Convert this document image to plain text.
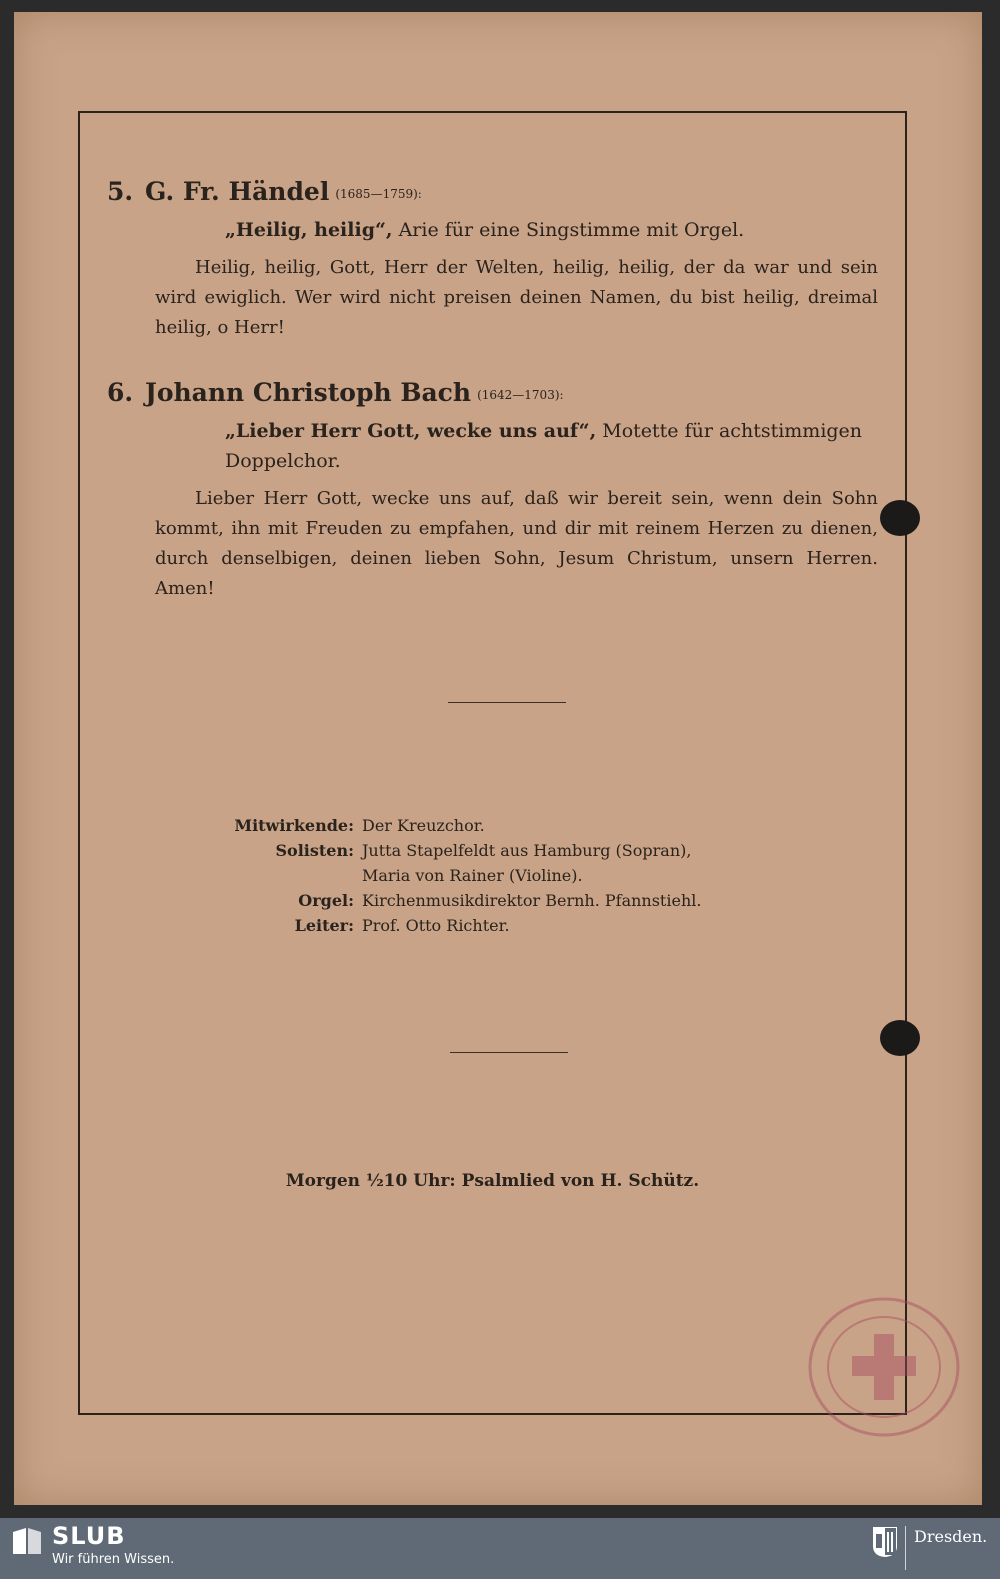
5. G. Fr. Händel (1685—1759):
„Heilig, heilig“, Arie für eine Singstimme mit Orgel.
Heilig, heilig, Gott, Herr der Welten, heilig, heilig, der da war und sein wird ewiglich. Wer wird nicht preisen deinen Namen, du bist heilig, dreimal heilig, o Herr!
6. Johann Christoph Bach (1642—1703):
„Lieber Herr Gott, wecke uns auf“, Motette für achtstimmigen Doppelchor.
Lieber Herr Gott, wecke uns auf, daß wir bereit sein, wenn dein Sohn kommt, ihn mit Freuden zu empfahen, und dir mit reinem Herzen zu dienen, durch denselbigen, deinen lieben Sohn, Jesum Christum, unsern Herren. Amen!
Mitwirkende: Der Kreuzchor.
Solisten: Jutta Stapelfeldt aus Hamburg (Sopran),
Maria von Rainer (Violine).
Orgel: Kirchenmusikdirektor Bernh. Pfannstiehl.
Leiter: Prof. Otto Richter.
Morgen ½10 Uhr: Psalmlied von H. Schütz.
SLUB
Wir führen Wissen.
Dresden.
